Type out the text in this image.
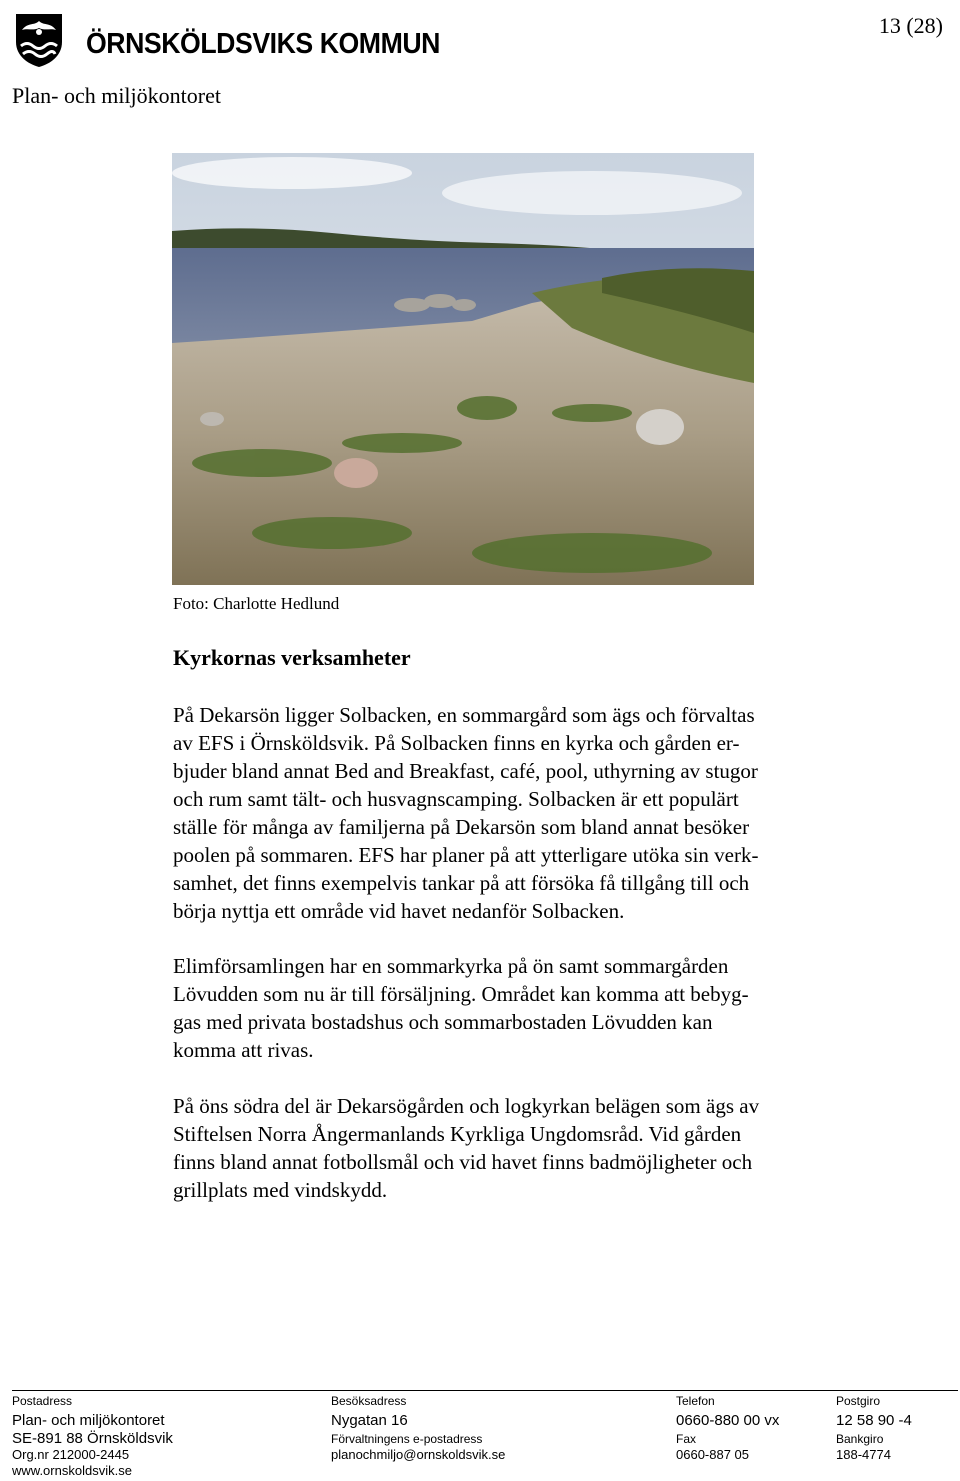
ÖRNSKÖLDSVIKS KOMMUN
13 (28)
Plan- och miljökontoret
Foto: Charlotte Hedlund
Kyrkornas verksamheter

På Dekarsön ligger Solbacken, en sommargård som ägs och förvaltas
av EFS i Örnsköldsvik. På Solbacken finns en kyrka och gården er-
bjuder bland annat Bed and Breakfast, café, pool, uthyrning av stugor
och rum samt tält- och husvagnscamping. Solbacken är ett populärt
ställe för många av familjerna på Dekarsön som bland annat besöker
poolen på sommaren. EFS har planer på att ytterligare utöka sin verk-
samhet, det finns exempelvis tankar på att försöka få tillgång till och
börja nyttja ett område vid havet nedanför Solbacken.

Elimförsamlingen har en sommarkyrka på ön samt sommargården
Lövudden som nu är till försäljning. Området kan komma att bebyg-
gas med privata bostadshus och sommarbostaden Lövudden kan
komma att rivas.

På öns södra del är Dekarsögården och logkyrkan belägen som ägs av
Stiftelsen Norra Ångermanlands Kyrkliga Ungdomsråd. Vid gården
finns bland annat fotbollsmål och vid havet finns badmöjligheter och
grillplats med vindskydd.

Postadress
Plan- och miljökontoret
SE-891 88 Örnsköldsvik
Org.nr 212000-2445
www.ornskoldsvik.se
Besöksadress
Nygatan 16
Förvaltningens e-postadress
planochmiljo@ornskoldsvik.se
Telefon
0660-880 00 vx
Fax
0660-887 05
Postgiro
12 58 90 -4
Bankgiro
188-4774
